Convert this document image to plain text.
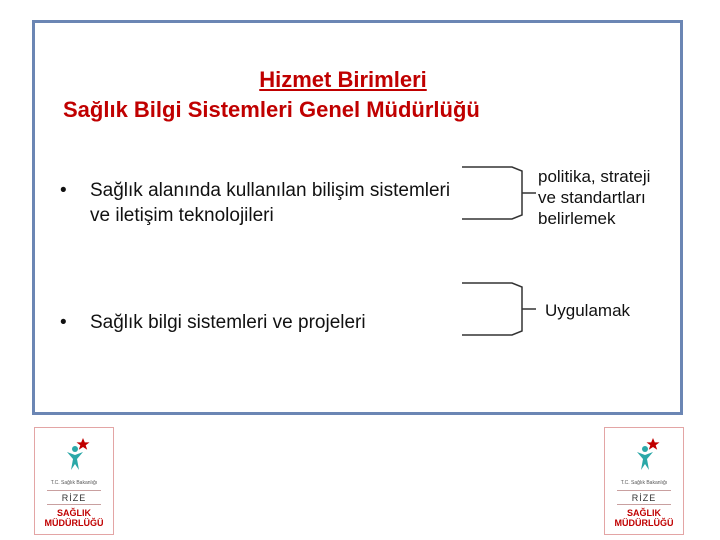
Hizmet Birimleri
Sağlık Bilgi Sistemleri Genel Müdürlüğü
•	Sağlık alanında kullanılan bilişim sistemleri ve iletişim teknolojileri
•	Sağlık bilgi sistemleri ve projeleri
politika, strateji ve standartları belirlemek
Uygulamak
T.C. Sağlık Bakanlığı
RİZE
SAĞLIK MÜDÜRLÜĞÜ
T.C. Sağlık Bakanlığı
RİZE
SAĞLIK MÜDÜRLÜĞÜ
